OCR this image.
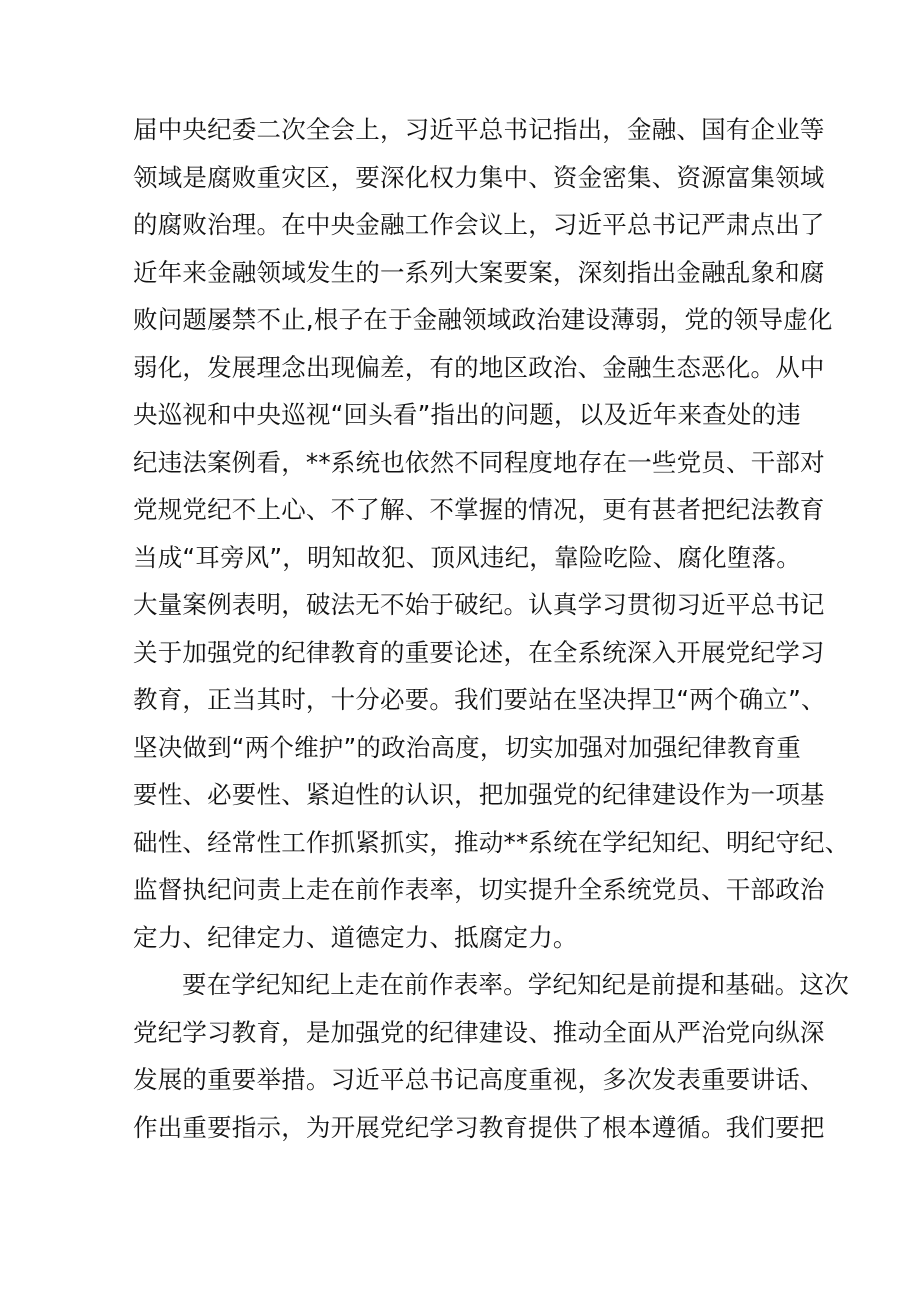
届中央纪委二次全会上，习近平总书记指出，金融、国有企业等
领域是腐败重灾区，要深化权力集中、资金密集、资源富集领域
的腐败治理。在中央金融工作会议上，习近平总书记严肃点出了
近年来金融领域发生的一系列大案要案，深刻指出金融乱象和腐
败问题屡禁不止,根子在于金融领域政治建设薄弱，党的领导虚化
弱化，发展理念出现偏差，有的地区政治、金融生态恶化。从中
央巡视和中央巡视“回头看”指出的问题，以及近年来查处的违
纪违法案例看，**系统也依然不同程度地存在一些党员、干部对
党规党纪不上心、不了解、不掌握的情况，更有甚者把纪法教育
当成“耳旁风”，明知故犯、顶风违纪，靠险吃险、腐化堕落。
大量案例表明，破法无不始于破纪。认真学习贯彻习近平总书记
关于加强党的纪律教育的重要论述，在全系统深入开展党纪学习
教育，正当其时，十分必要。我们要站在坚决捍卫“两个确立”、
坚决做到“两个维护”的政治高度，切实加强对加强纪律教育重
要性、必要性、紧迫性的认识，把加强党的纪律建设作为一项基
础性、经常性工作抓紧抓实，推动**系统在学纪知纪、明纪守纪、
监督执纪问责上走在前作表率，切实提升全系统党员、干部政治
定力、纪律定力、道德定力、抵腐定力。
要在学纪知纪上走在前作表率。学纪知纪是前提和基础。这次
党纪学习教育，是加强党的纪律建设、推动全面从严治党向纵深
发展的重要举措。习近平总书记高度重视，多次发表重要讲话、
作出重要指示，为开展党纪学习教育提供了根本遵循。我们要把
